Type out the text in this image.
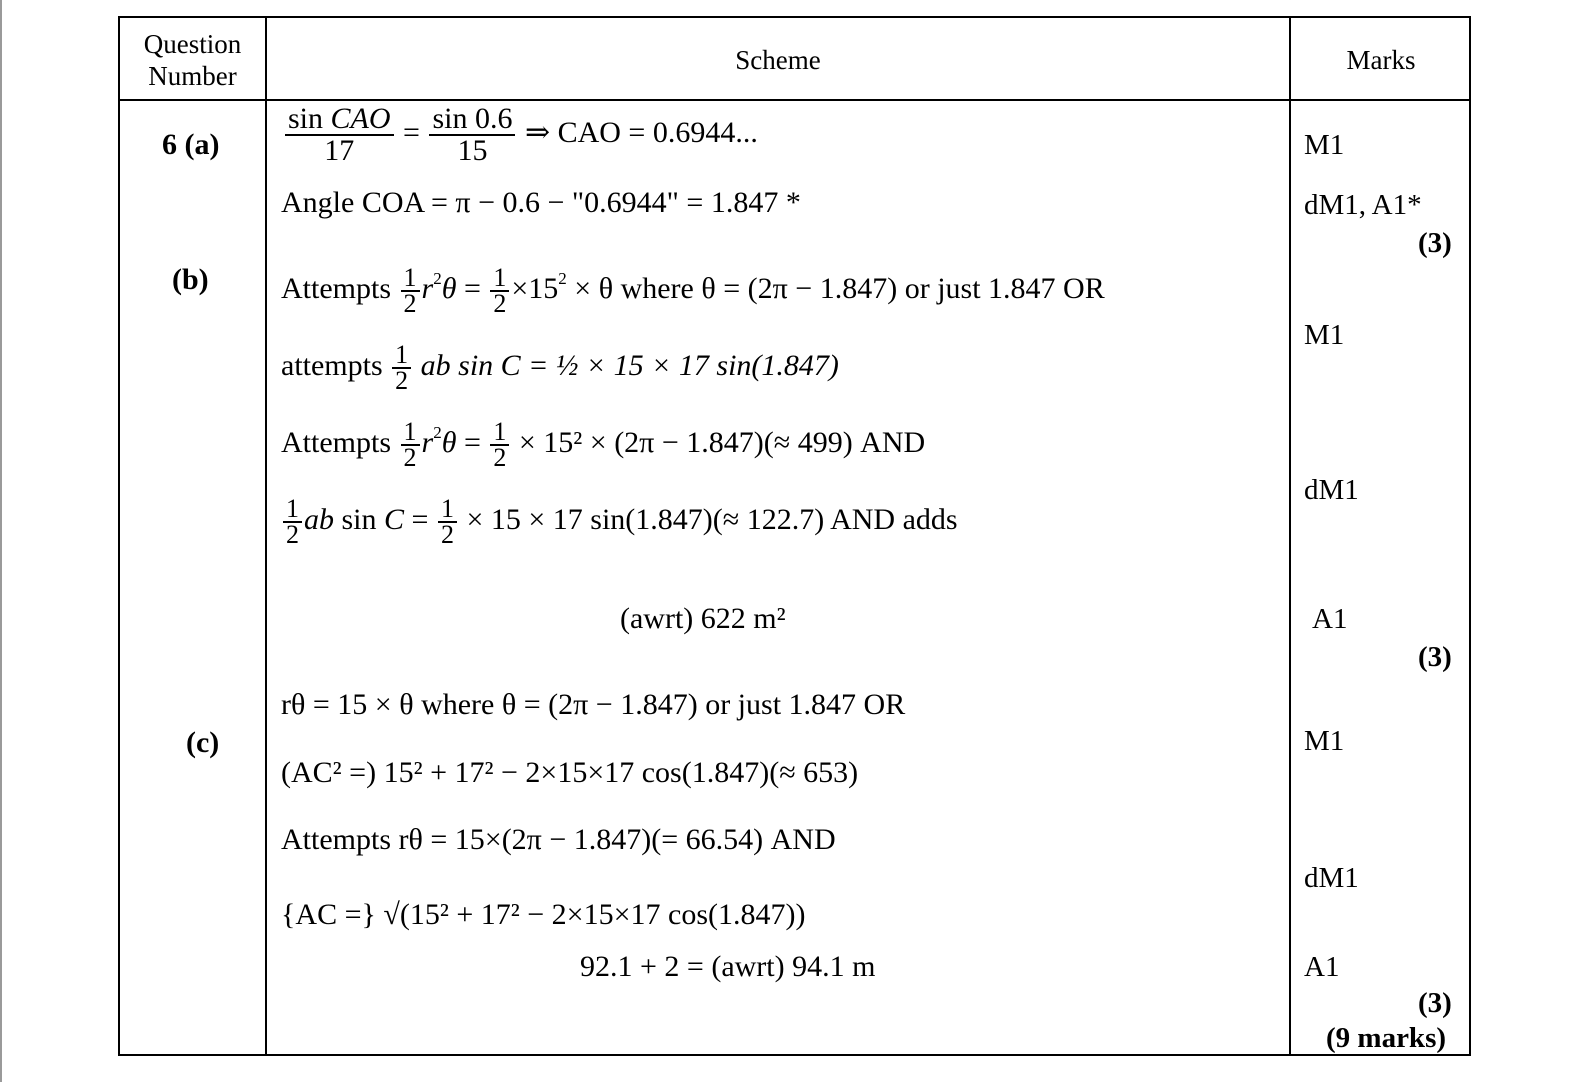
Question Number
Scheme	Marks
6 (a)
(b)
(c)
$\frac{\text{sin CAO}}{17} = \frac{\sin 0.6}{15}$ ⇒ CAO = 0.6944...
Angle COA = π − 0.6 − "0.6944" = 1.847 *
Attempts $\frac{1}{2} r^2\theta = \frac{1}{2} \times 15^2 \times \theta$ where θ = (2π − 1.847) or just 1.847 OR
attempts $\frac{1}{2}$ ab sin C = ½ × 15 × 17 sin(1.847)
Attempts $\frac{1}{2} r^2\theta = \frac{1}{2} \times 15^2 \times (2\pi - 1.847)(\approx 499)$ AND
$\frac{1}{2}$ ab $\sin C = \frac{1}{2} \times 15 \times 17$ sin(1.847)(≈ 122.7) AND adds
(awrt) 622 m²
rθ = 15 × θ where θ = (2π − 1.847) or just 1.847 OR
(AC² =) 15² + 17² − 2×15×17 cos(1.847)(≈ 653)
Attempts rθ = 15×(2π − 1.847)(= 66.54) AND
{AC =} √(15² + 17² − 2×15×17 cos(1.847))
92.1 + 2 = (awrt) 94.1 m
M1
dM1, A1*
(3)
M1
dM1
A1
(3)
M1
dM1
A1
(3)
(9 marks)
